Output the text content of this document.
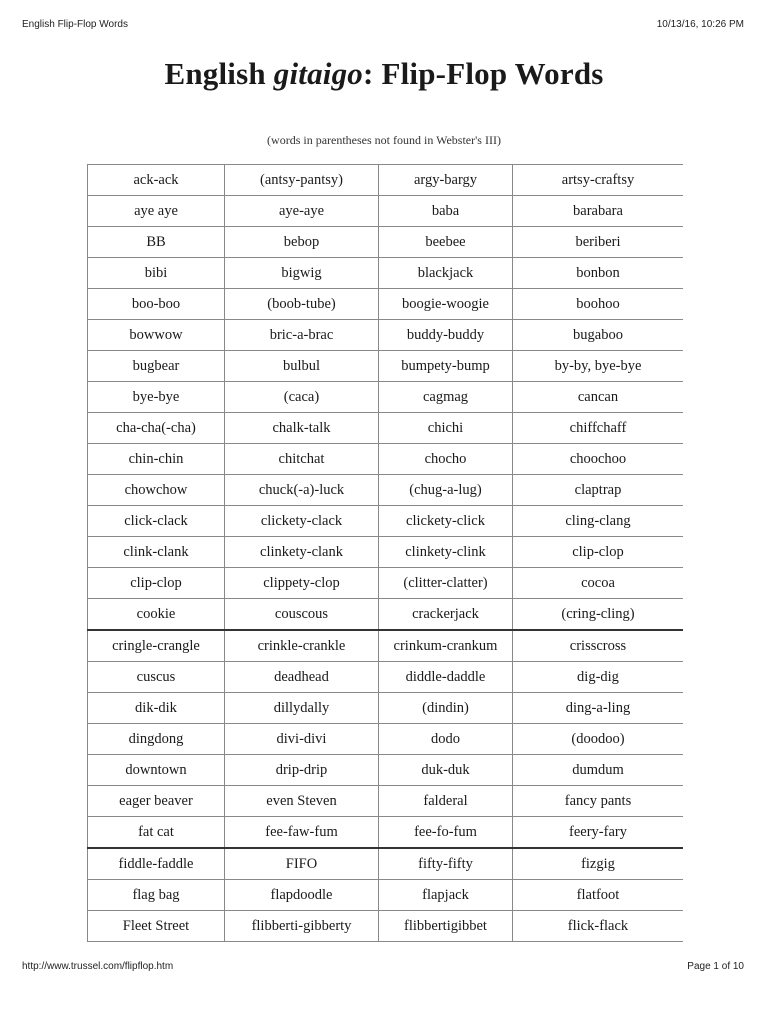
English Flip-Flop Words	10/13/16, 10:26 PM
English gitaigo: Flip-Flop Words
(words in parentheses not found in Webster's III)
ack-ack	(antsy-pantsy)	argy-bargy	artsy-craftsy
aye aye	aye-aye	baba	barabara
BB	bebop	beebee	beriberi
bibi	bigwig	blackjack	bonbon
boo-boo	(boob-tube)	boogie-woogie	boohoo
bowwow	bric-a-brac	buddy-buddy	bugaboo
bugbear	bulbul	bumpety-bump	by-by, bye-bye
bye-bye	(caca)	cagmag	cancan
cha-cha(-cha)	chalk-talk	chichi	chiffchaff
chin-chin	chitchat	chocho	choochoo
chowchow	chuck(-a)-luck	(chug-a-lug)	claptrap
click-clack	clickety-clack	clickety-click	cling-clang
clink-clank	clinkety-clank	clinkety-clink	clip-clop
clip-clop	clippety-clop	(clitter-clatter)	cocoa
cookie	couscous	crackerjack	(cring-cling)
cringle-crangle	crinkle-crankle	crinkum-crankum	crisscross
cuscus	deadhead	diddle-daddle	dig-dig
dik-dik	dillydally	(dindin)	ding-a-ling
dingdong	divi-divi	dodo	(doodoo)
downtown	drip-drip	duk-duk	dumdum
eager beaver	even Steven	falderal	fancy pants
fat cat	fee-faw-fum	fee-fo-fum	feery-fary
fiddle-faddle	FIFO	fifty-fifty	fizgig
flag bag	flapdoodle	flapjack	flatfoot
Fleet Street	flibberti-gibberty	flibbertigibbet	flick-flack
http://www.trussel.com/flipflop.htm	Page 1 of 10
